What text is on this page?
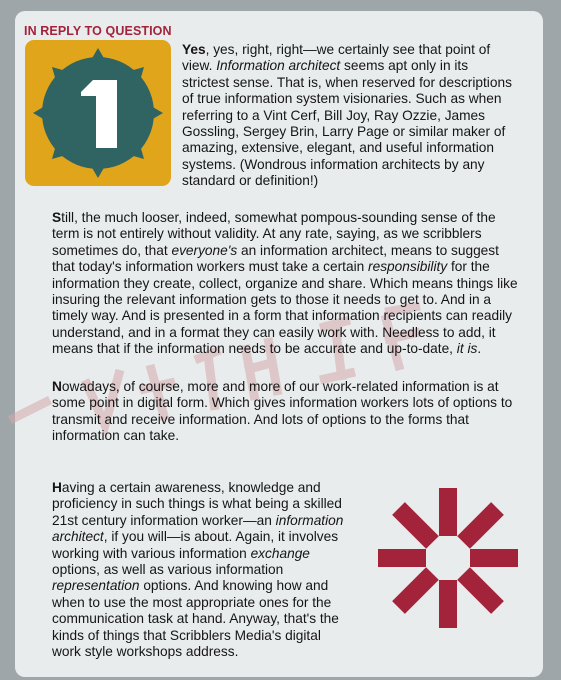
IN REPLY TO QUESTION

Yes, yes, right, right—we certainly see that point of view. Information architect seems apt only in its strictest sense. That is, when reserved for descriptions of true information system visionaries. Such as when referring to a Vint Cerf, Bill Joy, Ray Ozzie, James Gossling, Sergey Brin, Larry Page or similar maker of amazing, extensive, elegant, and useful information systems. (Wondrous information architects by any standard or definition!)

Still, the much looser, indeed, somewhat pompous-sounding sense of the term is not entirely without validity. At any rate, saying, as we scribblers sometimes do, that everyone's an information architect, means to suggest that today's information workers must take a certain responsibility for the information they create, collect, organize and share. Which means things like insuring the relevant information gets to those it needs to get to. And in a timely way. And is presented in a form that information recipients can readily understand, and in a format they can easily work with. Needless to add, it means that if the information needs to be accurate and up-to-date, it is.

Nowadays, of course, more and more of our work-related information is at some point in digital form. Which gives information workers lots of options to transmit and receive information. And lots of options to the forms that information can take.

Having a certain awareness, knowledge and proficiency in such things is what being a skilled 21st century information worker—an information architect, if you will—is about. Again, it involves working with various information exchange options, as well as various information representation options. And knowing how and when to use the most appropriate ones for the communication task at hand. Anyway, that's the kinds of things that Scribblers Media's digital work style workshops address.
